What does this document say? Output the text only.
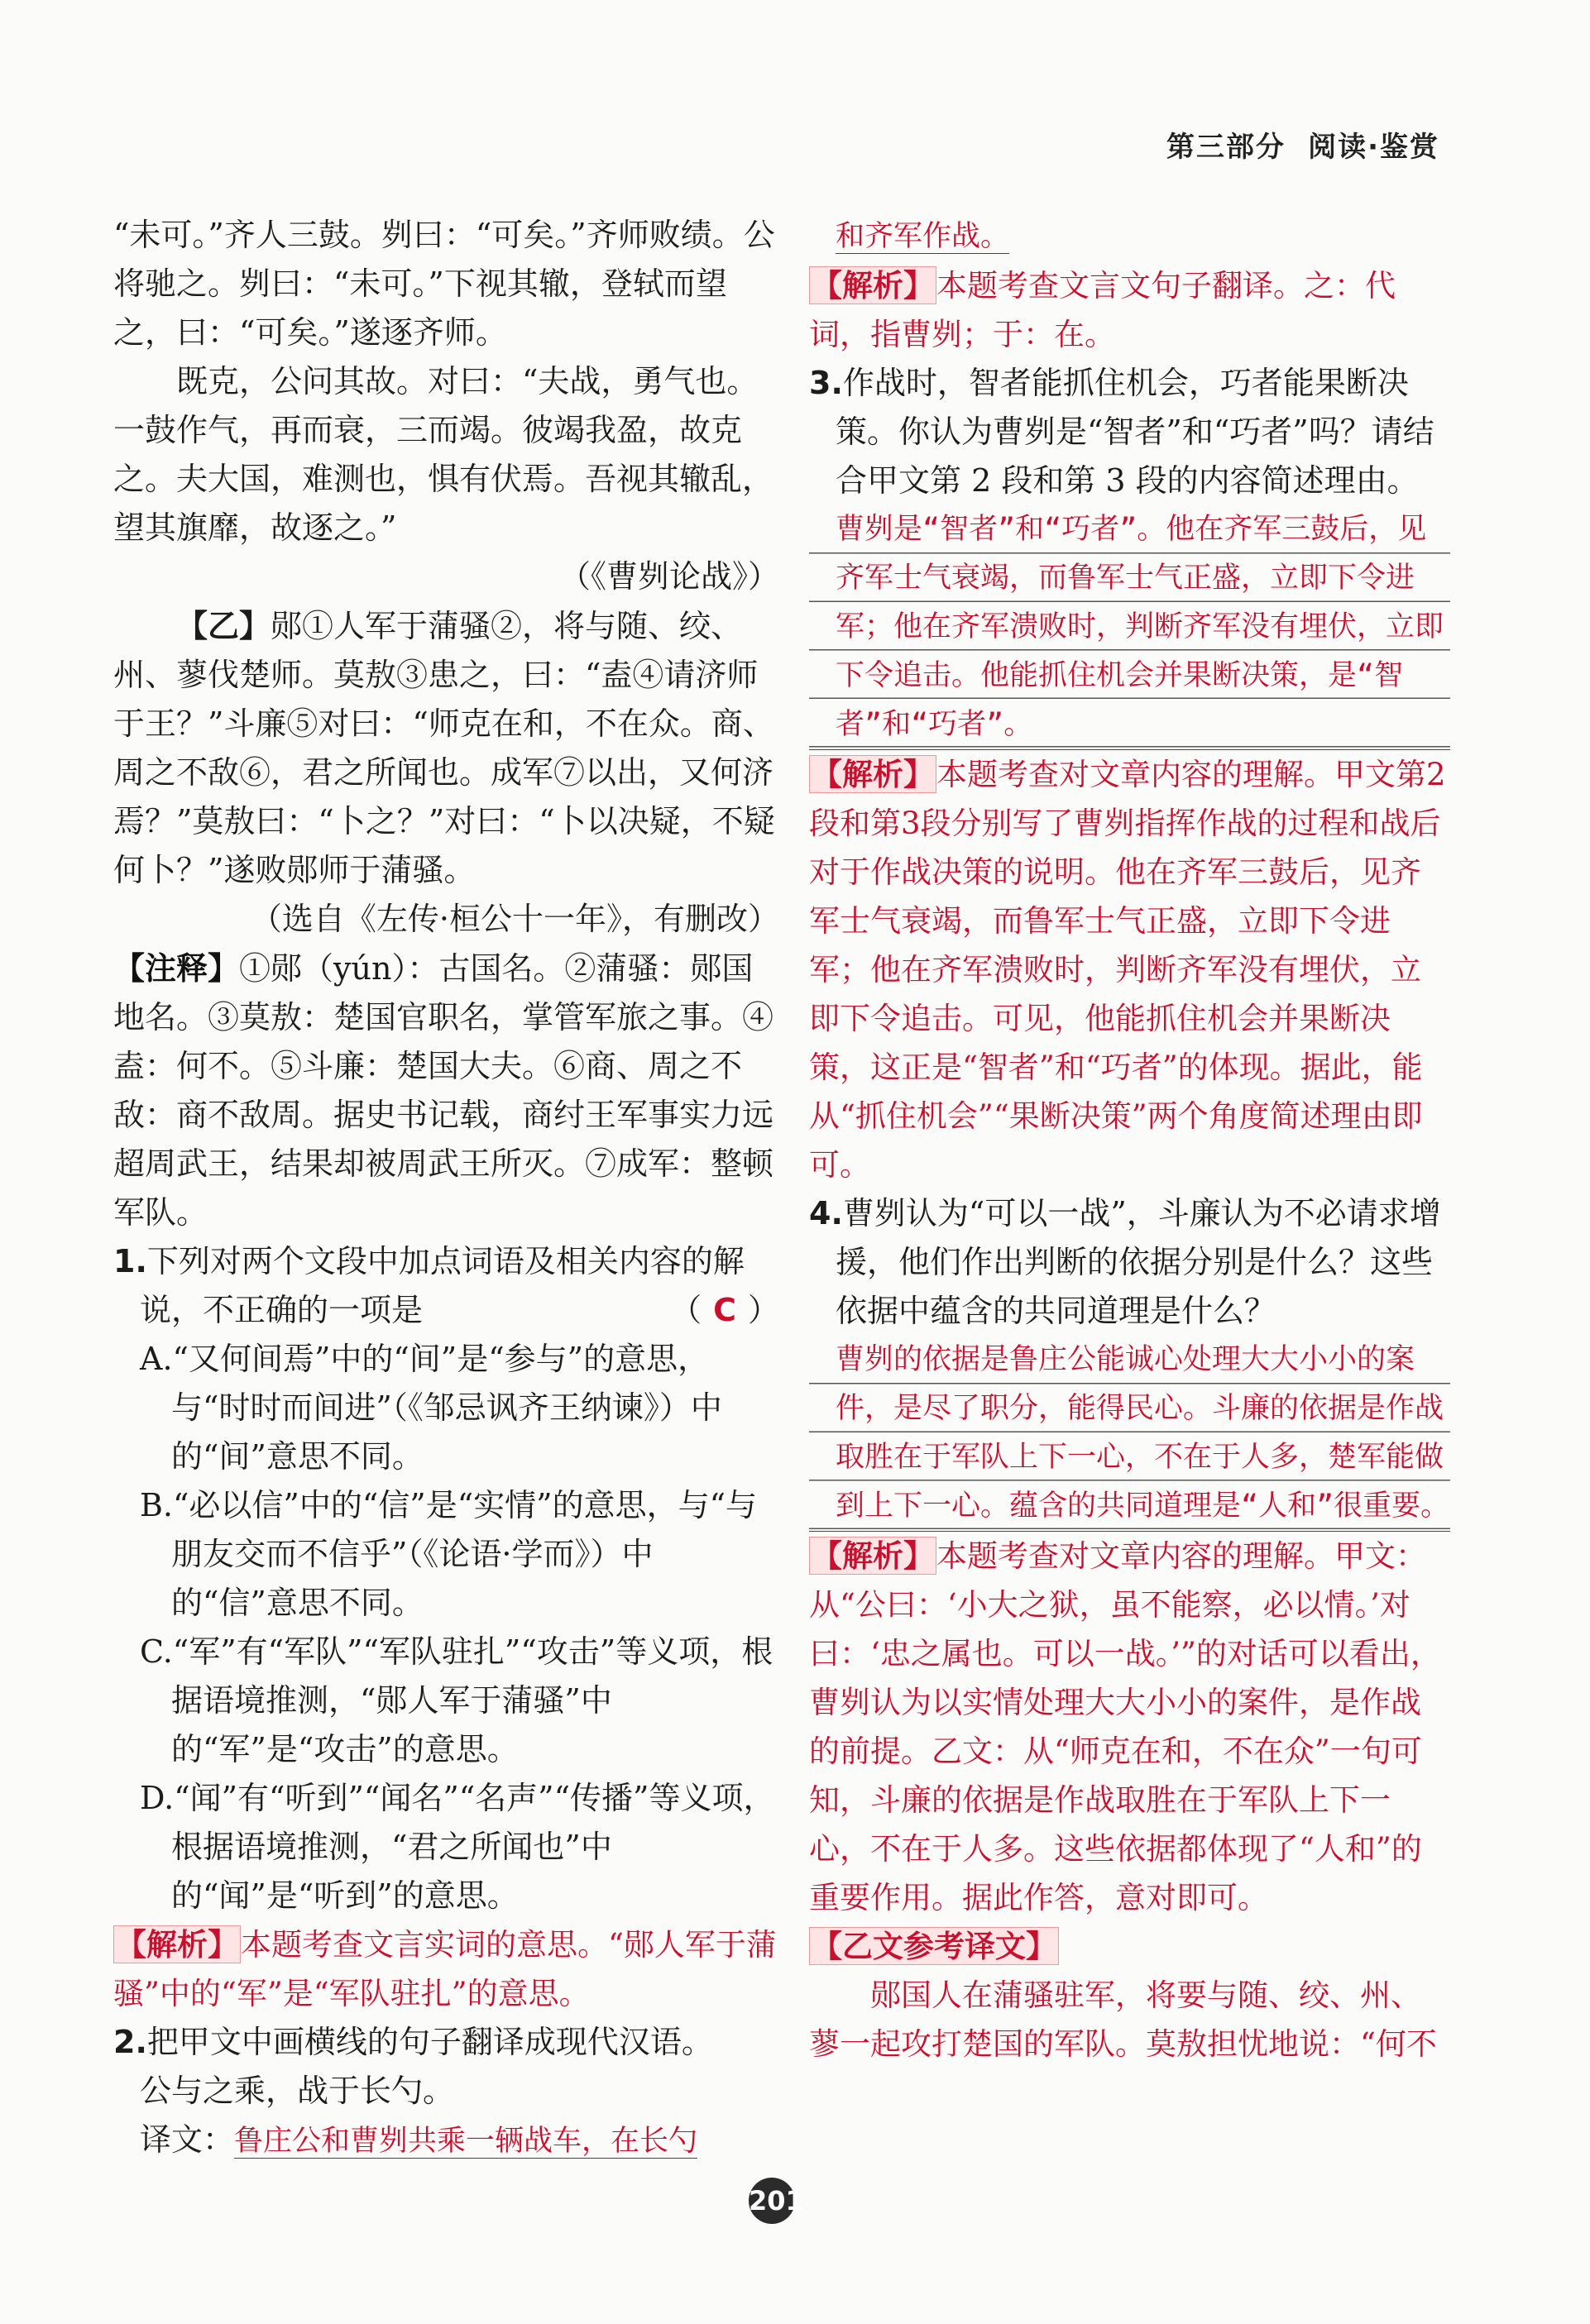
第三部分 阅读·鉴赏

“未可。”齐人三鼓。刿曰：“可矣。”齐师败绩。公将驰之。刿曰：“未可。”下视其辙，登轼而望之，曰：“可矣。”遂逐齐师。

既克，公问其故。对曰：“夫战，勇气也。一鼓作气，再而衰，三而竭。彼竭我盈，故克之。夫大国，难测也，惧有伏焉。吾视其辙乱，望其旗靡，故逐之。”

（《曹刿论战》）

【乙】郧①人军于蒲骚②，将与随、绞、州、蓼伐楚师。莫敖③患之，曰：“盍④请济师于王？”斗廉⑤对曰：“师克在和，不在众。商、周之不敌⑥，君之所闻也。成军⑦以出，又何济焉？”莫敖曰：“卜之？”对曰：“卜以决疑，不疑何卜？”遂败郧师于蒲骚。

（选自《左传·桓公十一年》，有删改）

【注释】①郧（yún）：古国名。②蒲骚：郧国地名。③莫敖：楚国官职名，掌管军旅之事。④盍：何不。⑤斗廉：楚国大夫。⑥商、周之不敌：商不敌周。据史书记载，商纣王军事实力远超周武王，结果却被周武王所灭。⑦成军：整顿军队。

1.下列对两个文段中加点词语及相关内容的解说，不正确的一项是	（ C ）

A.“又何间焉”中的“间”是“参与”的意思，与“时时而间进”（《邹忌讽齐王纳谏》）中的“间”意思不同。

B.“必以信”中的“信”是“实情”的意思，与“与朋友交而不信乎”（《论语·学而》）中的“信”意思不同。

C.“军”有“军队”“军队驻扎”“攻击”等义项，根据语境推测，“郧人军于蒲骚”中的“军”是“攻击”的意思。

D.“闻”有“听到”“闻名”“名声”“传播”等义项，根据语境推测，“君之所闻也”中的“闻”是“听到”的意思。

【解析】本题考查文言实词的意思。“郧人军于蒲骚”中的“军”是“军队驻扎”的意思。

2.把甲文中画横线的句子翻译成现代汉语。

公与之乘，战于长勺。

译文：鲁庄公和曹刿共乘一辆战车，在长勺

和齐军作战。

【解析】本题考查文言文句子翻译。之：代词，指曹刿；于：在。

3.作战时，智者能抓住机会，巧者能果断决策。你认为曹刿是“智者”和“巧者”吗？请结合甲文第 2 段和第 3 段的内容简述理由。

曹刿是“智者”和“巧者”。他在齐军三鼓后，见齐军士气衰竭，而鲁军士气正盛，立即下令进军；他在齐军溃败时，判断齐军没有埋伏，立即下令追击。他能抓住机会并果断决策，是“智者”和“巧者”。

【解析】本题考查对文章内容的理解。甲文第2段和第3段分别写了曹刿指挥作战的过程和战后对于作战决策的说明。他在齐军三鼓后，见齐军士气衰竭，而鲁军士气正盛，立即下令进军；他在齐军溃败时，判断齐军没有埋伏，立即下令追击。可见，他能抓住机会并果断决策，这正是“智者”和“巧者”的体现。据此，能从“抓住机会”“果断决策”两个角度简述理由即可。

4.曹刿认为“可以一战”，斗廉认为不必请求增援，他们作出判断的依据分别是什么？这些依据中蕴含的共同道理是什么？

曹刿的依据是鲁庄公能诚心处理大大小小的案件，是尽了职分，能得民心。斗廉的依据是作战取胜在于军队上下一心，不在于人多，楚军能做到上下一心。蕴含的共同道理是“人和”很重要。

【解析】本题考查对文章内容的理解。甲文：从“公曰：‘小大之狱，虽不能察，必以情。’对曰：‘忠之属也。可以一战。’”的对话可以看出，曹刿认为以实情处理大大小小的案件，是作战的前提。乙文：从“师克在和，不在众”一句可知，斗廉的依据是作战取胜在于军队上下一心，不在于人多。这些依据都体现了“人和”的重要作用。据此作答，意对即可。

【乙文参考译文】

郧国人在蒲骚驻军，将要与随、绞、州、蓼一起攻打楚国的军队。莫敖担忧地说：“何不

201
